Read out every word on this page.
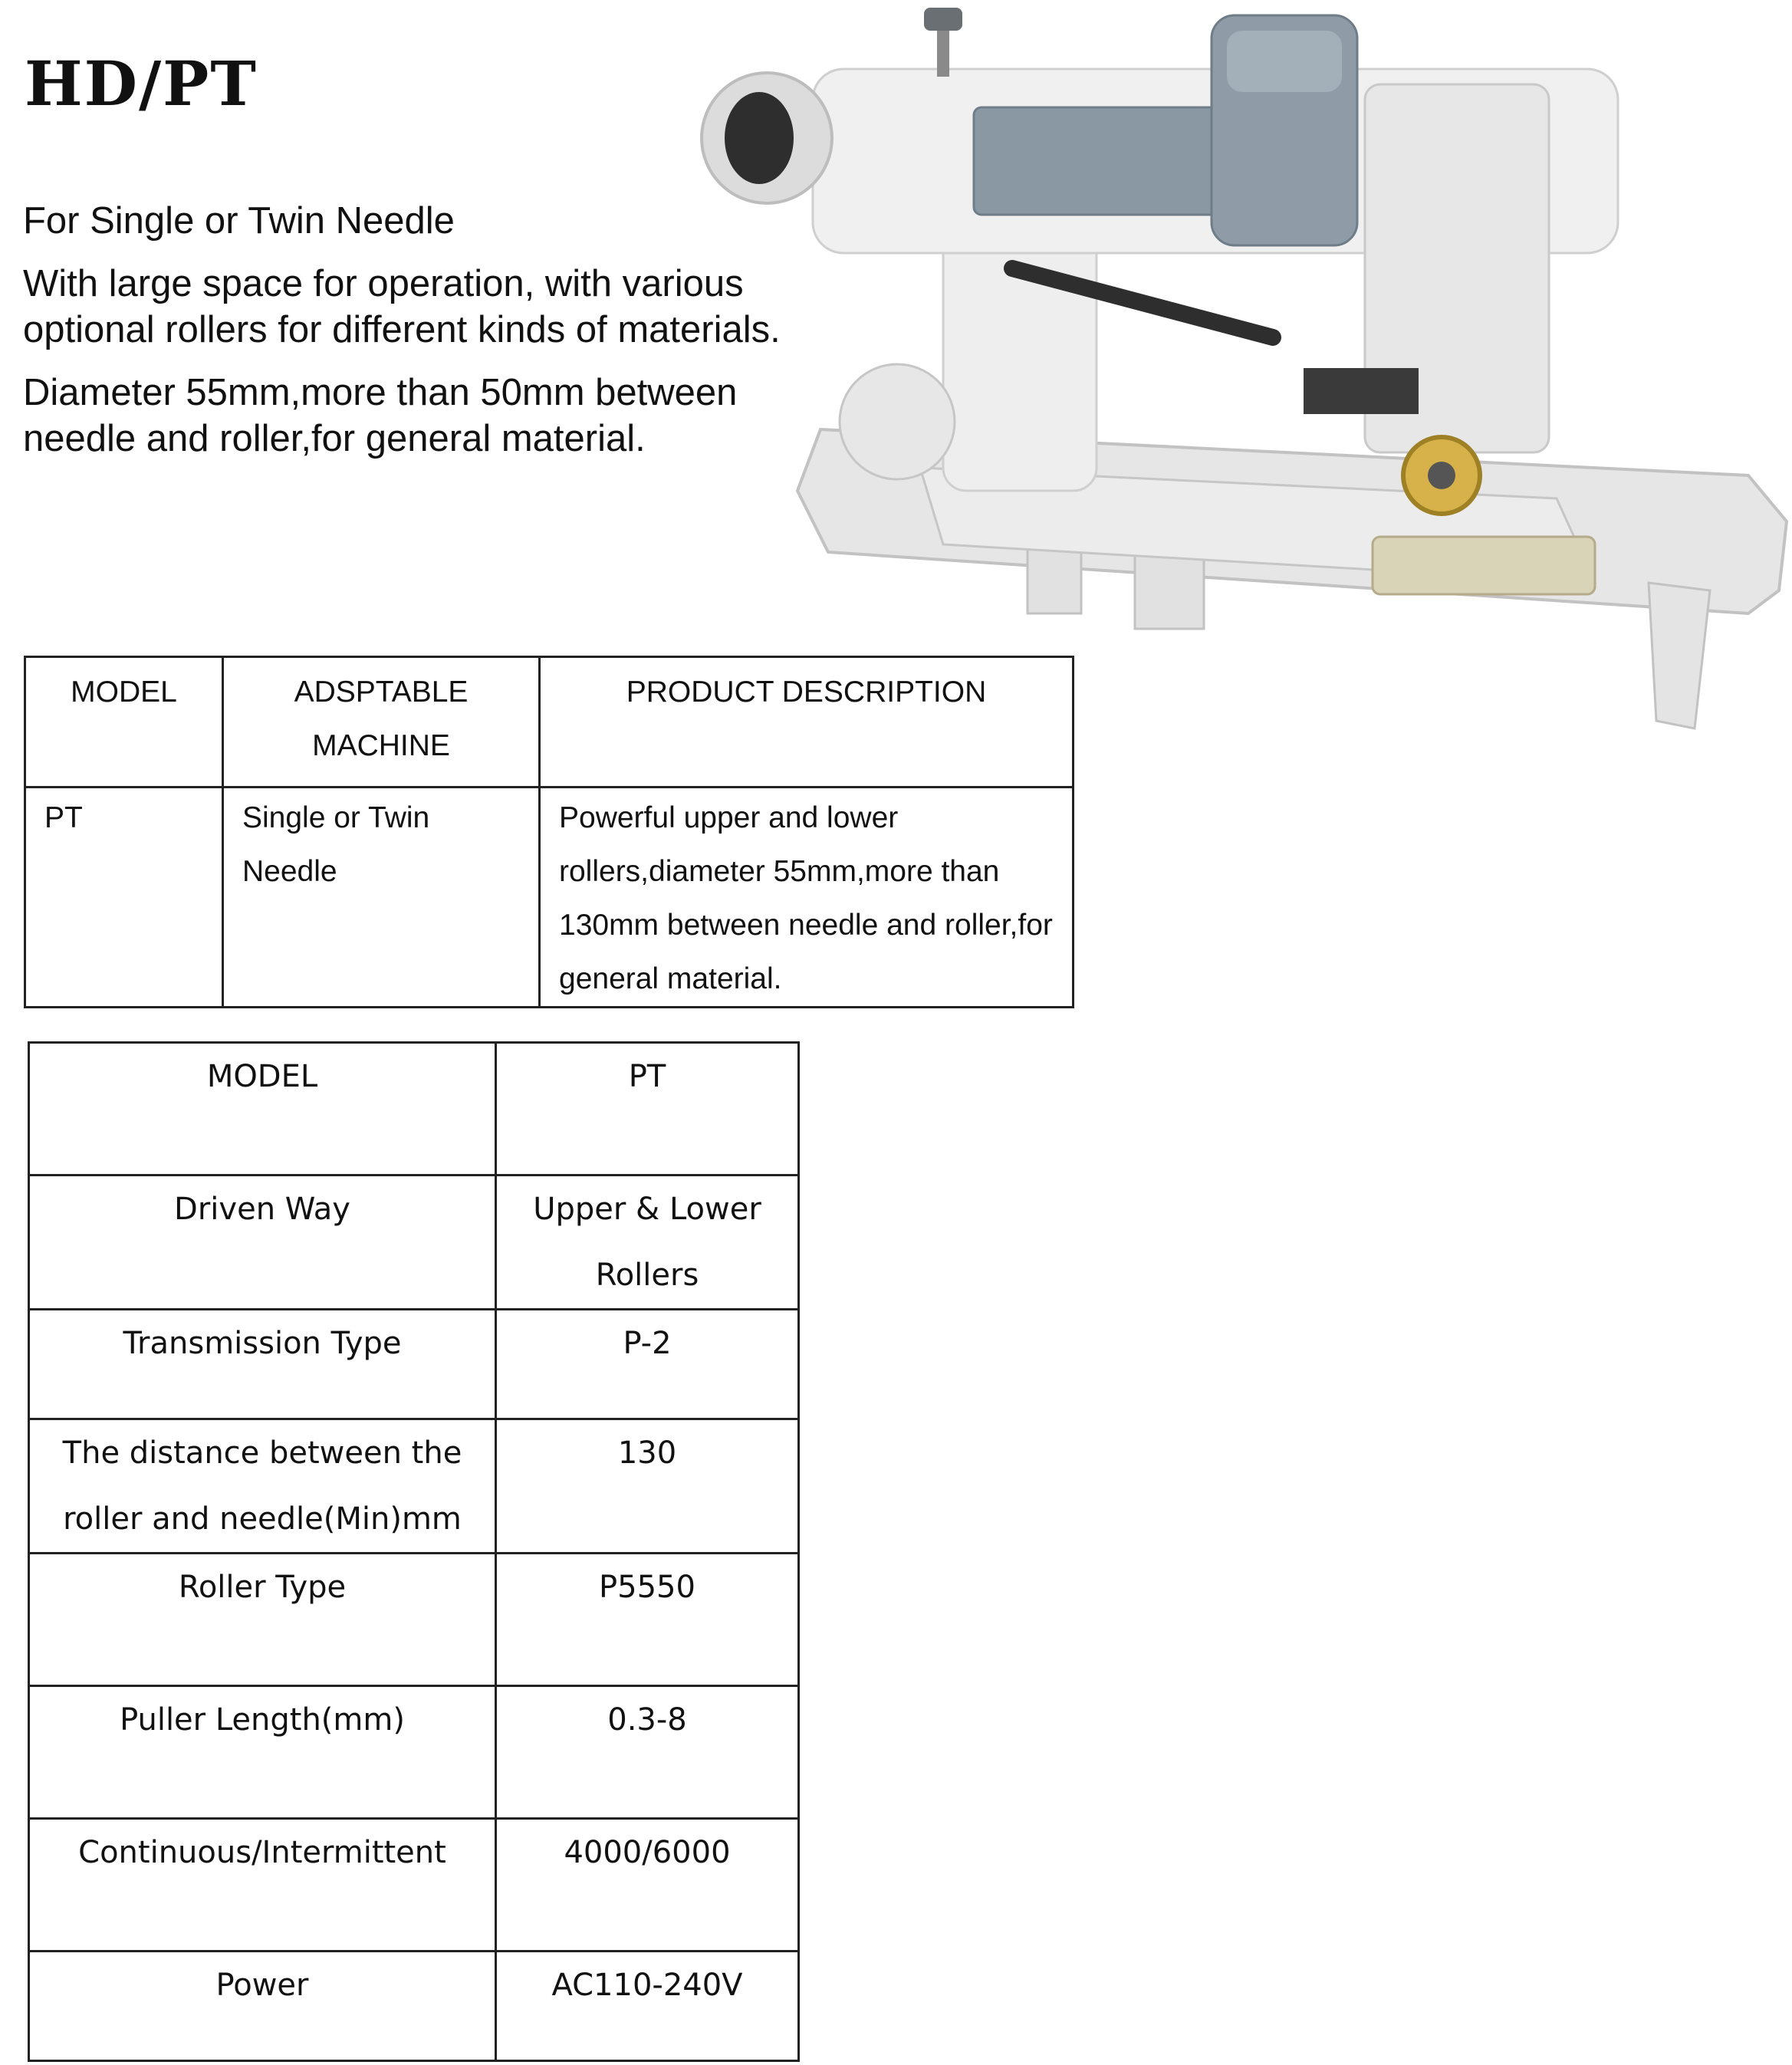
HD/PT

For Single or Twin Needle

With large space for operation, with various optional rollers for different kinds of materials.

Diameter 55mm,more than 50mm between needle and roller,for general material.

MODEL	ADSPTABLE MACHINE	PRODUCT DESCRIPTION
PT	Single or Twin Needle	Powerful upper and lower rollers,diameter 55mm,more than 130mm between needle and roller,for general material.
MODEL	PT
Driven Way	Upper & Lower Rollers
Transmission Type	P-2
The distance between the roller and needle(Min)mm	130
Roller Type	P5550
Puller Length(mm)	0.3-8
Continuous/Intermittent	4000/6000
Power	AC110-240V
